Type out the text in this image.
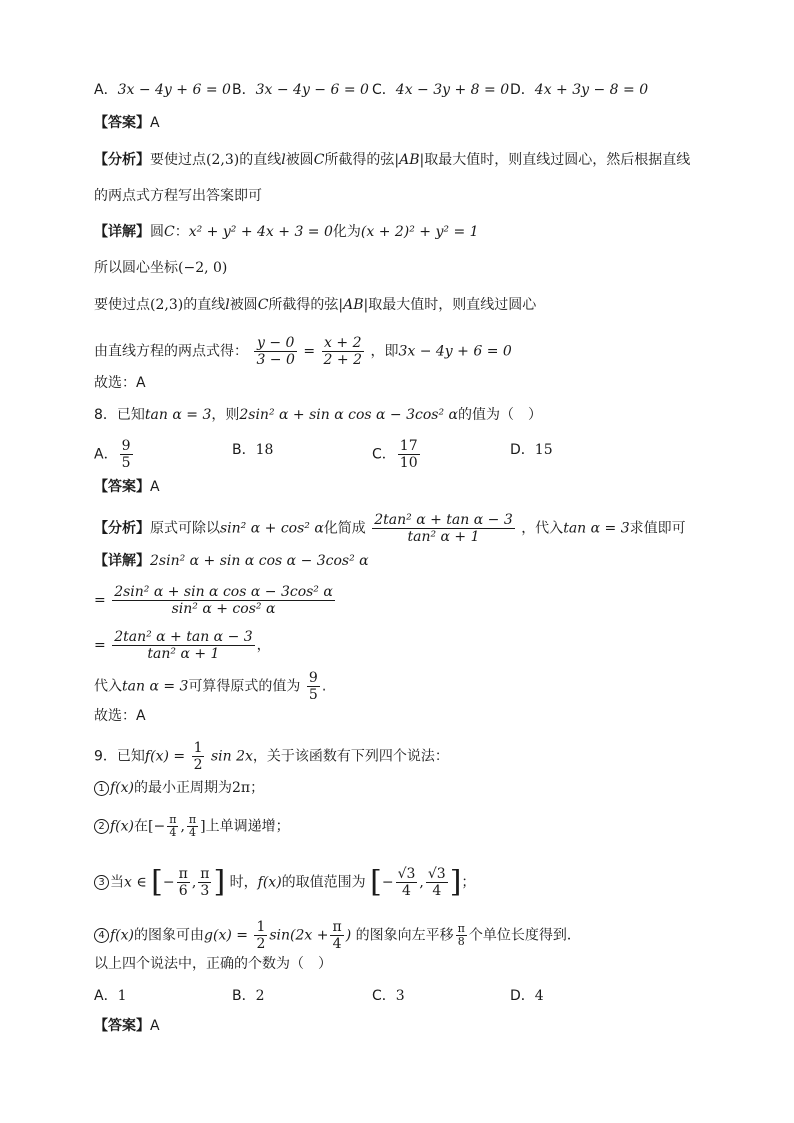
A．3x − 4y + 6 = 0 B．3x − 4y − 6 = 0 C．4x − 3y + 8 = 0 D．4x + 3y − 8 = 0
【答案】A
【分析】要使过点(2,3)的直线l被圆C所截得的弦|AB|取最大值时，则直线过圆心，然后根据直线
的两点式方程写出答案即可
【详解】圆C：x² + y² + 4x + 3 = 0化为(x + 2)² + y² = 1
所以圆心坐标(−2, 0)
要使过点(2,3)的直线l被圆C所截得的弦|AB|取最大值时，则直线过圆心
由直线方程的两点式得： $\frac{y - 0}{3 - 0} = \frac{x + 2}{2 + 2}$ ，即3x − 4y + 6 = 0
故选：A
8．已知tan α = 3，则2sin² α + sin α cos α − 3cos² α的值为（　）
A． $\frac{9}{5}$	B．18	C． $\frac{17}{10}$	D．15
【答案】A
【分析】原式可除以sin² α + cos² α化简成 $\frac{\text{2tan² α + tan α − 3}}{\text{tan² α + 1}}$ ，代入tan α = 3求值即可
【详解】2sin² α + sin α cos α − 3cos² α
= $\frac{\text{2sin² α + sin α cos α − 3cos² α}}{\text{sin² α + cos² α}}$
= $\frac{\text{2tan² α + tan α − 3}}{\text{tan² α + 1}}$ ，
代入tan α = 3可算得原式的值为 $\frac{9}{5}$ .
故选：A
9．已知$f(x) = \frac{1}{2}$ sin 2x，关于该函数有下列四个说法：
1 f(x)的最小正周期为2π；
2 f(x)在[− $\frac{\pi}{4}$ , $\frac{\pi}{4}$ ]上单调递增；
3 当x ∈ [− $\frac{\pi}{6}$ , $\frac{\pi}{3}$ ] 时，f(x)的取值范围为 [− $\frac{√3}{4}$ , $\frac{√3}{4}$ ]；
4 f(x)的图象可由$g(x) = \frac{1}{2} \sin(2x + \frac{\pi}{4}$ ) 的图象向左平移 $\frac{\pi}{8}$ 个单位长度得到．
以上四个说法中，正确的个数为（　）
A．1	B．2	C．3	D．4
【答案】A
